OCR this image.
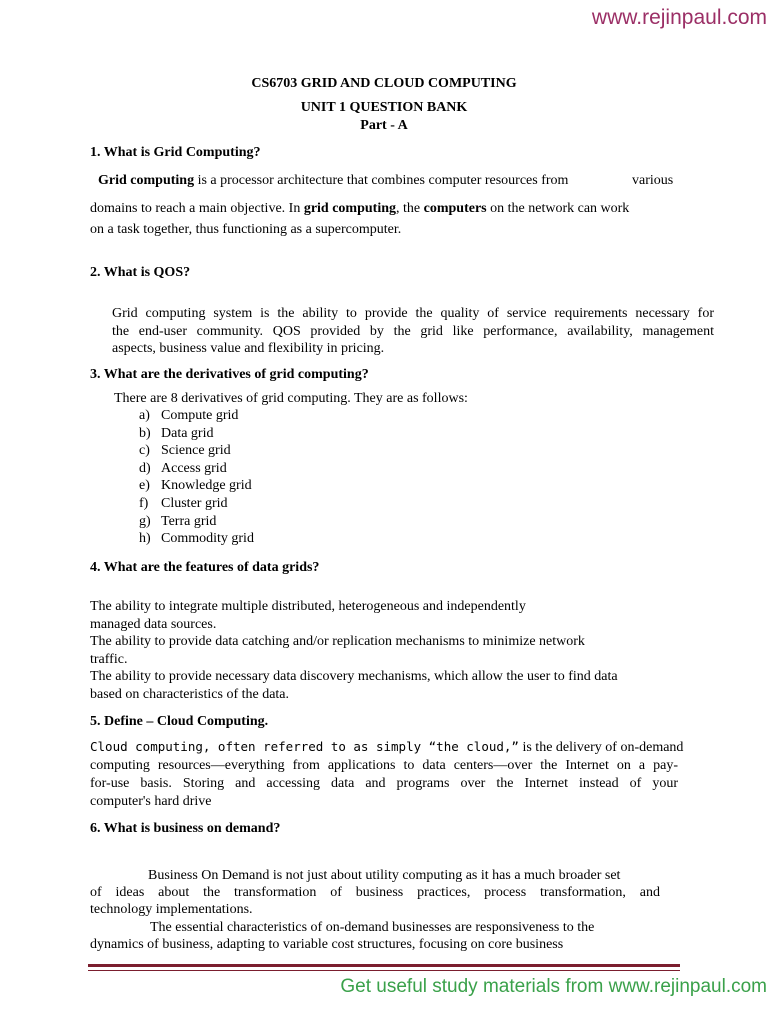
www.rejinpaul.com
CS6703 GRID AND CLOUD COMPUTING
UNIT 1 QUESTION BANK
Part - A
1. What is Grid Computing?
Grid computing is a processor architecture that combines computer resources from	various
domains to reach a main objective. In grid computing, the computers on the network can work
on a task together, thus functioning as a supercomputer.
2. What is QOS?
Grid computing system is the ability to provide the quality of service requirements necessary for
the end-user community. QOS provided by the grid like performance, availability, management
aspects, business value and flexibility in pricing.
3. What are the derivatives of grid computing?
There are 8 derivatives of grid computing. They are as follows:
a) Compute grid
b) Data grid
c) Science grid
d) Access grid
e) Knowledge grid
f) Cluster grid
g) Terra grid
h) Commodity grid
4. What are the features of data grids?
The ability to integrate multiple distributed, heterogeneous and independently
managed data sources.
The ability to provide data catching and/or replication mechanisms to minimize network
traffic.
The ability to provide necessary data discovery mechanisms, which allow the user to find data
based on characteristics of the data.
5. Define – Cloud Computing.
Cloud computing, often referred to as simply “the cloud,” is the delivery of on-demand
computing resources—everything from applications to data centers—over the Internet on a pay-
for-use basis. Storing and accessing data and programs over the Internet instead of your
computer's hard drive
6. What is business on demand?
Business On Demand is not just about utility computing as it has a much broader set
of ideas about the transformation of business practices, process transformation, and
technology implementations.
The essential characteristics of on-demand businesses are responsiveness to the
dynamics of business, adapting to variable cost structures, focusing on core business
Get useful study materials from www.rejinpaul.com
